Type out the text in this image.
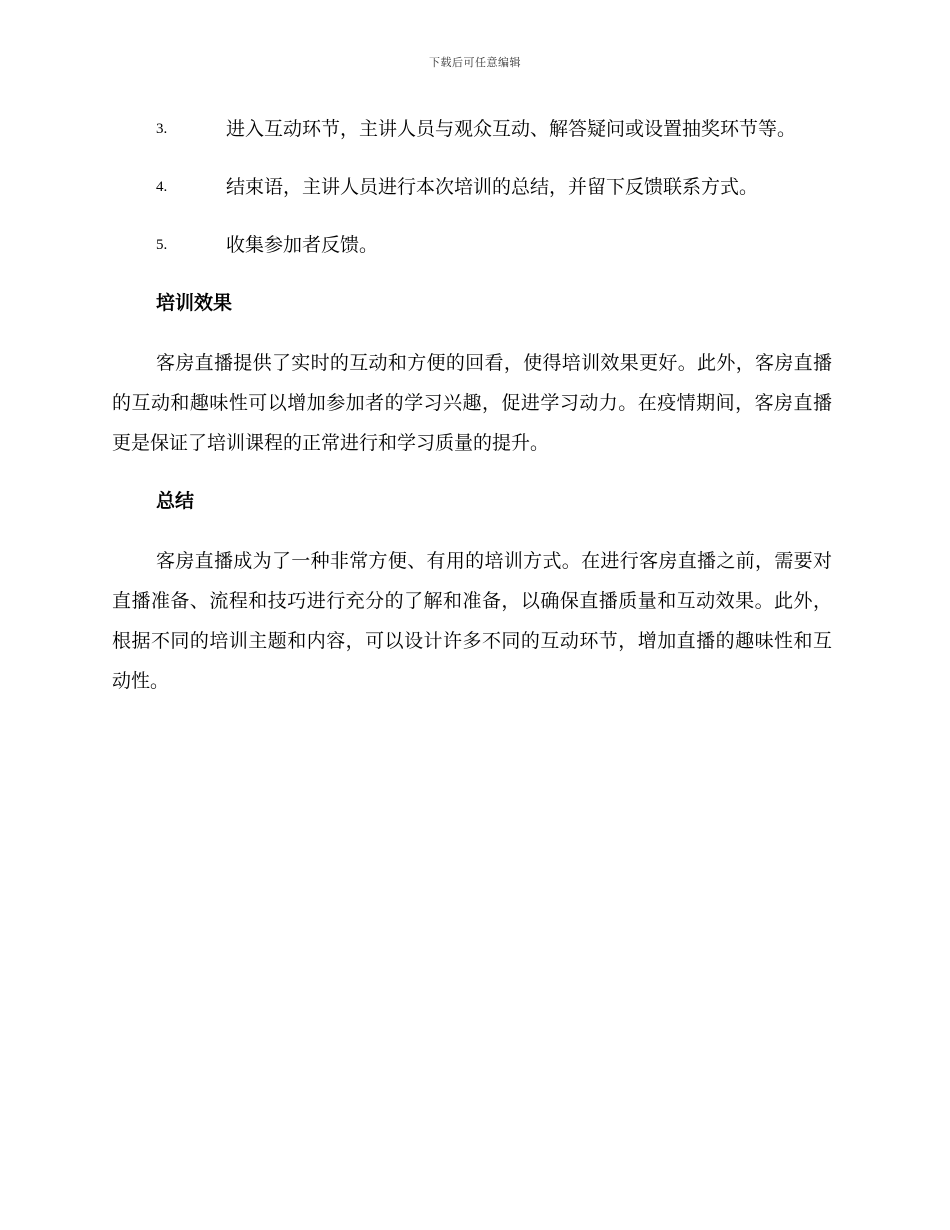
下载后可任意编辑
3.	进入互动环节，主讲人员与观众互动、解答疑问或设置抽奖环节等。
4.	结束语，主讲人员进行本次培训的总结，并留下反馈联系方式。
5.	收集参加者反馈。
培训效果

客房直播提供了实时的互动和方便的回看，使得培训效果更好。此外，客房直播的互动和趣味性可以增加参加者的学习兴趣，促进学习动力。在疫情期间，客房直播更是保证了培训课程的正常进行和学习质量的提升。

总结

客房直播成为了一种非常方便、有用的培训方式。在进行客房直播之前，需要对直播准备、流程和技巧进行充分的了解和准备，以确保直播质量和互动效果。此外，根据不同的培训主题和内容，可以设计许多不同的互动环节，增加直播的趣味性和互动性。
